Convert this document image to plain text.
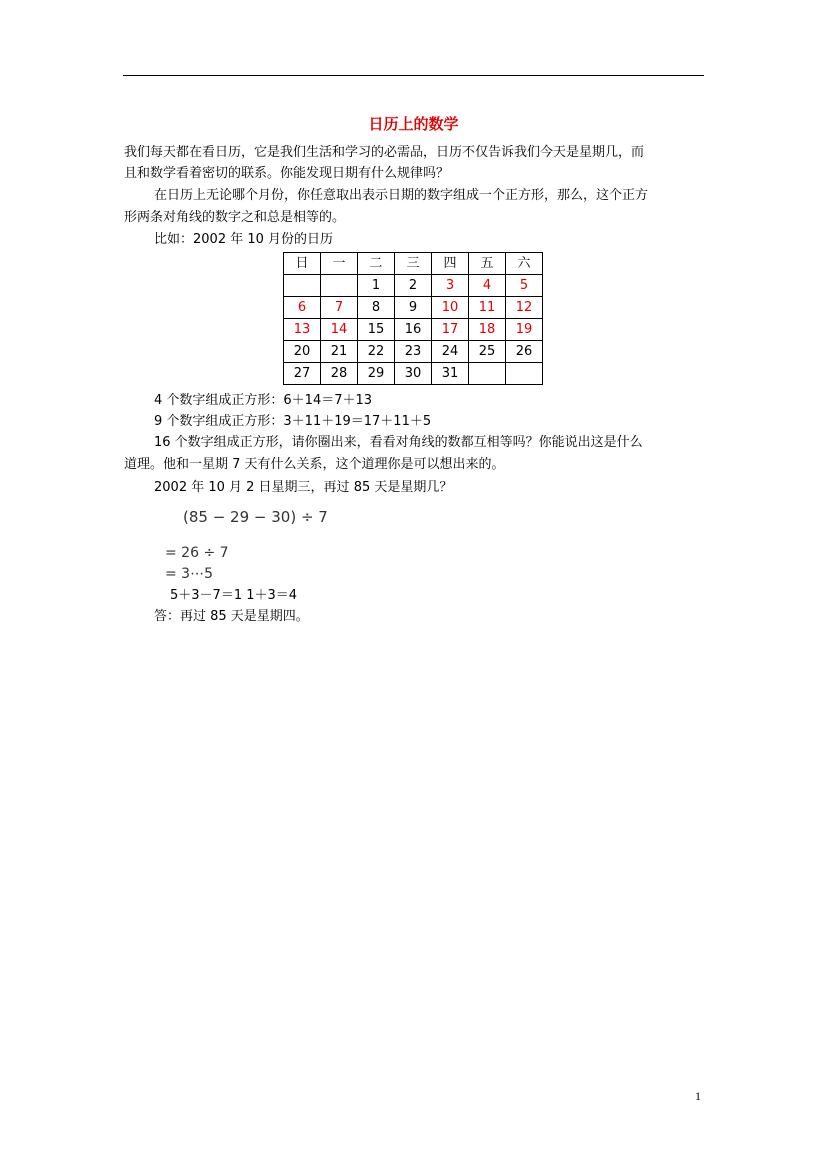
日历上的数学
我们每天都在看日历，它是我们生活和学习的必需品，日历不仅告诉我们今天是星期几，而
且和数学看着密切的联系。你能发现日期有什么规律吗？
在日历上无论哪个月份，你任意取出表示日期的数字组成一个正方形，那么，这个正方
形两条对角线的数字之和总是相等的。
比如：2002 年 10 月份的日历
日	一	二	三	四	五	六
		1	2	3	4	5
6	7	8	9	10	11	12
13	14	15	16	17	18	19
20	21	22	23	24	25	26
27	28	29	30	31		
4 个数字组成正方形：6＋14＝7＋13
9 个数字组成正方形：3＋11＋19＝17＋11＋5
16 个数字组成正方形，请你圈出来，看看对角线的数都互相等吗？你能说出这是什么
道理。他和一星期 7 天有什么关系，这个道理你是可以想出来的。
2002 年 10 月 2 日星期三，再过 85 天是星期几？
(85 − 29 − 30) ÷ 7
= 26 ÷ 7
= 3⋯5
5＋3－7＝1 1＋3＝4
答：再过 85 天是星期四。
1
